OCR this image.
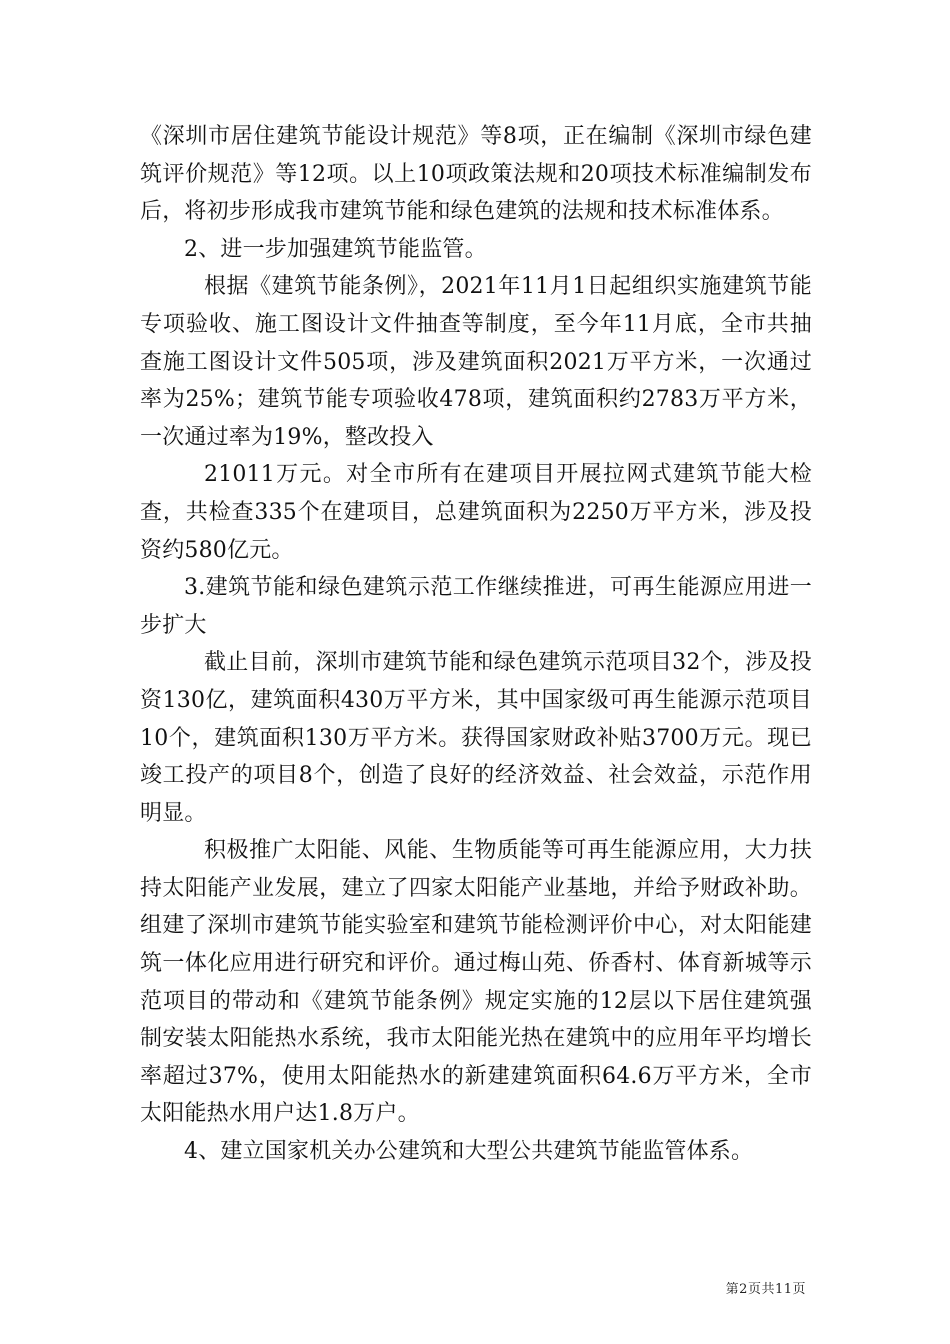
《深圳市居住建筑节能设计规范》等8项，正在编制《深圳市绿色建筑评价规范》等12项。以上10项政策法规和20项技术标准编制发布后，将初步形成我市建筑节能和绿色建筑的法规和技术标准体系。

2、进一步加强建筑节能监管。

根据《建筑节能条例》，2021年11月1日起组织实施建筑节能专项验收、施工图设计文件抽查等制度，至今年11月底，全市共抽查施工图设计文件505项，涉及建筑面积2021万平方米，一次通过率为25%；建筑节能专项验收478项，建筑面积约2783万平方米，一次通过率为19%，整改投入

21011万元。对全市所有在建项目开展拉网式建筑节能大检查，共检查335个在建项目，总建筑面积为2250万平方米，涉及投资约580亿元。

3.建筑节能和绿色建筑示范工作继续推进，可再生能源应用进一步扩大

截止目前，深圳市建筑节能和绿色建筑示范项目32个，涉及投资130亿，建筑面积430万平方米，其中国家级可再生能源示范项目10个，建筑面积130万平方米。获得国家财政补贴3700万元。现已竣工投产的项目8个，创造了良好的经济效益、社会效益，示范作用明显。

积极推广太阳能、风能、生物质能等可再生能源应用，大力扶持太阳能产业发展，建立了四家太阳能产业基地，并给予财政补助。组建了深圳市建筑节能实验室和建筑节能检测评价中心，对太阳能建筑一体化应用进行研究和评价。通过梅山苑、侨香村、体育新城等示范项目的带动和《建筑节能条例》规定实施的12层以下居住建筑强制安装太阳能热水系统，我市太阳能光热在建筑中的应用年平均增长率超过37%，使用太阳能热水的新建建筑面积64.6万平方米，全市太阳能热水用户达1.8万户。

4、建立国家机关办公建筑和大型公共建筑节能监管体系。

第2页共11页
